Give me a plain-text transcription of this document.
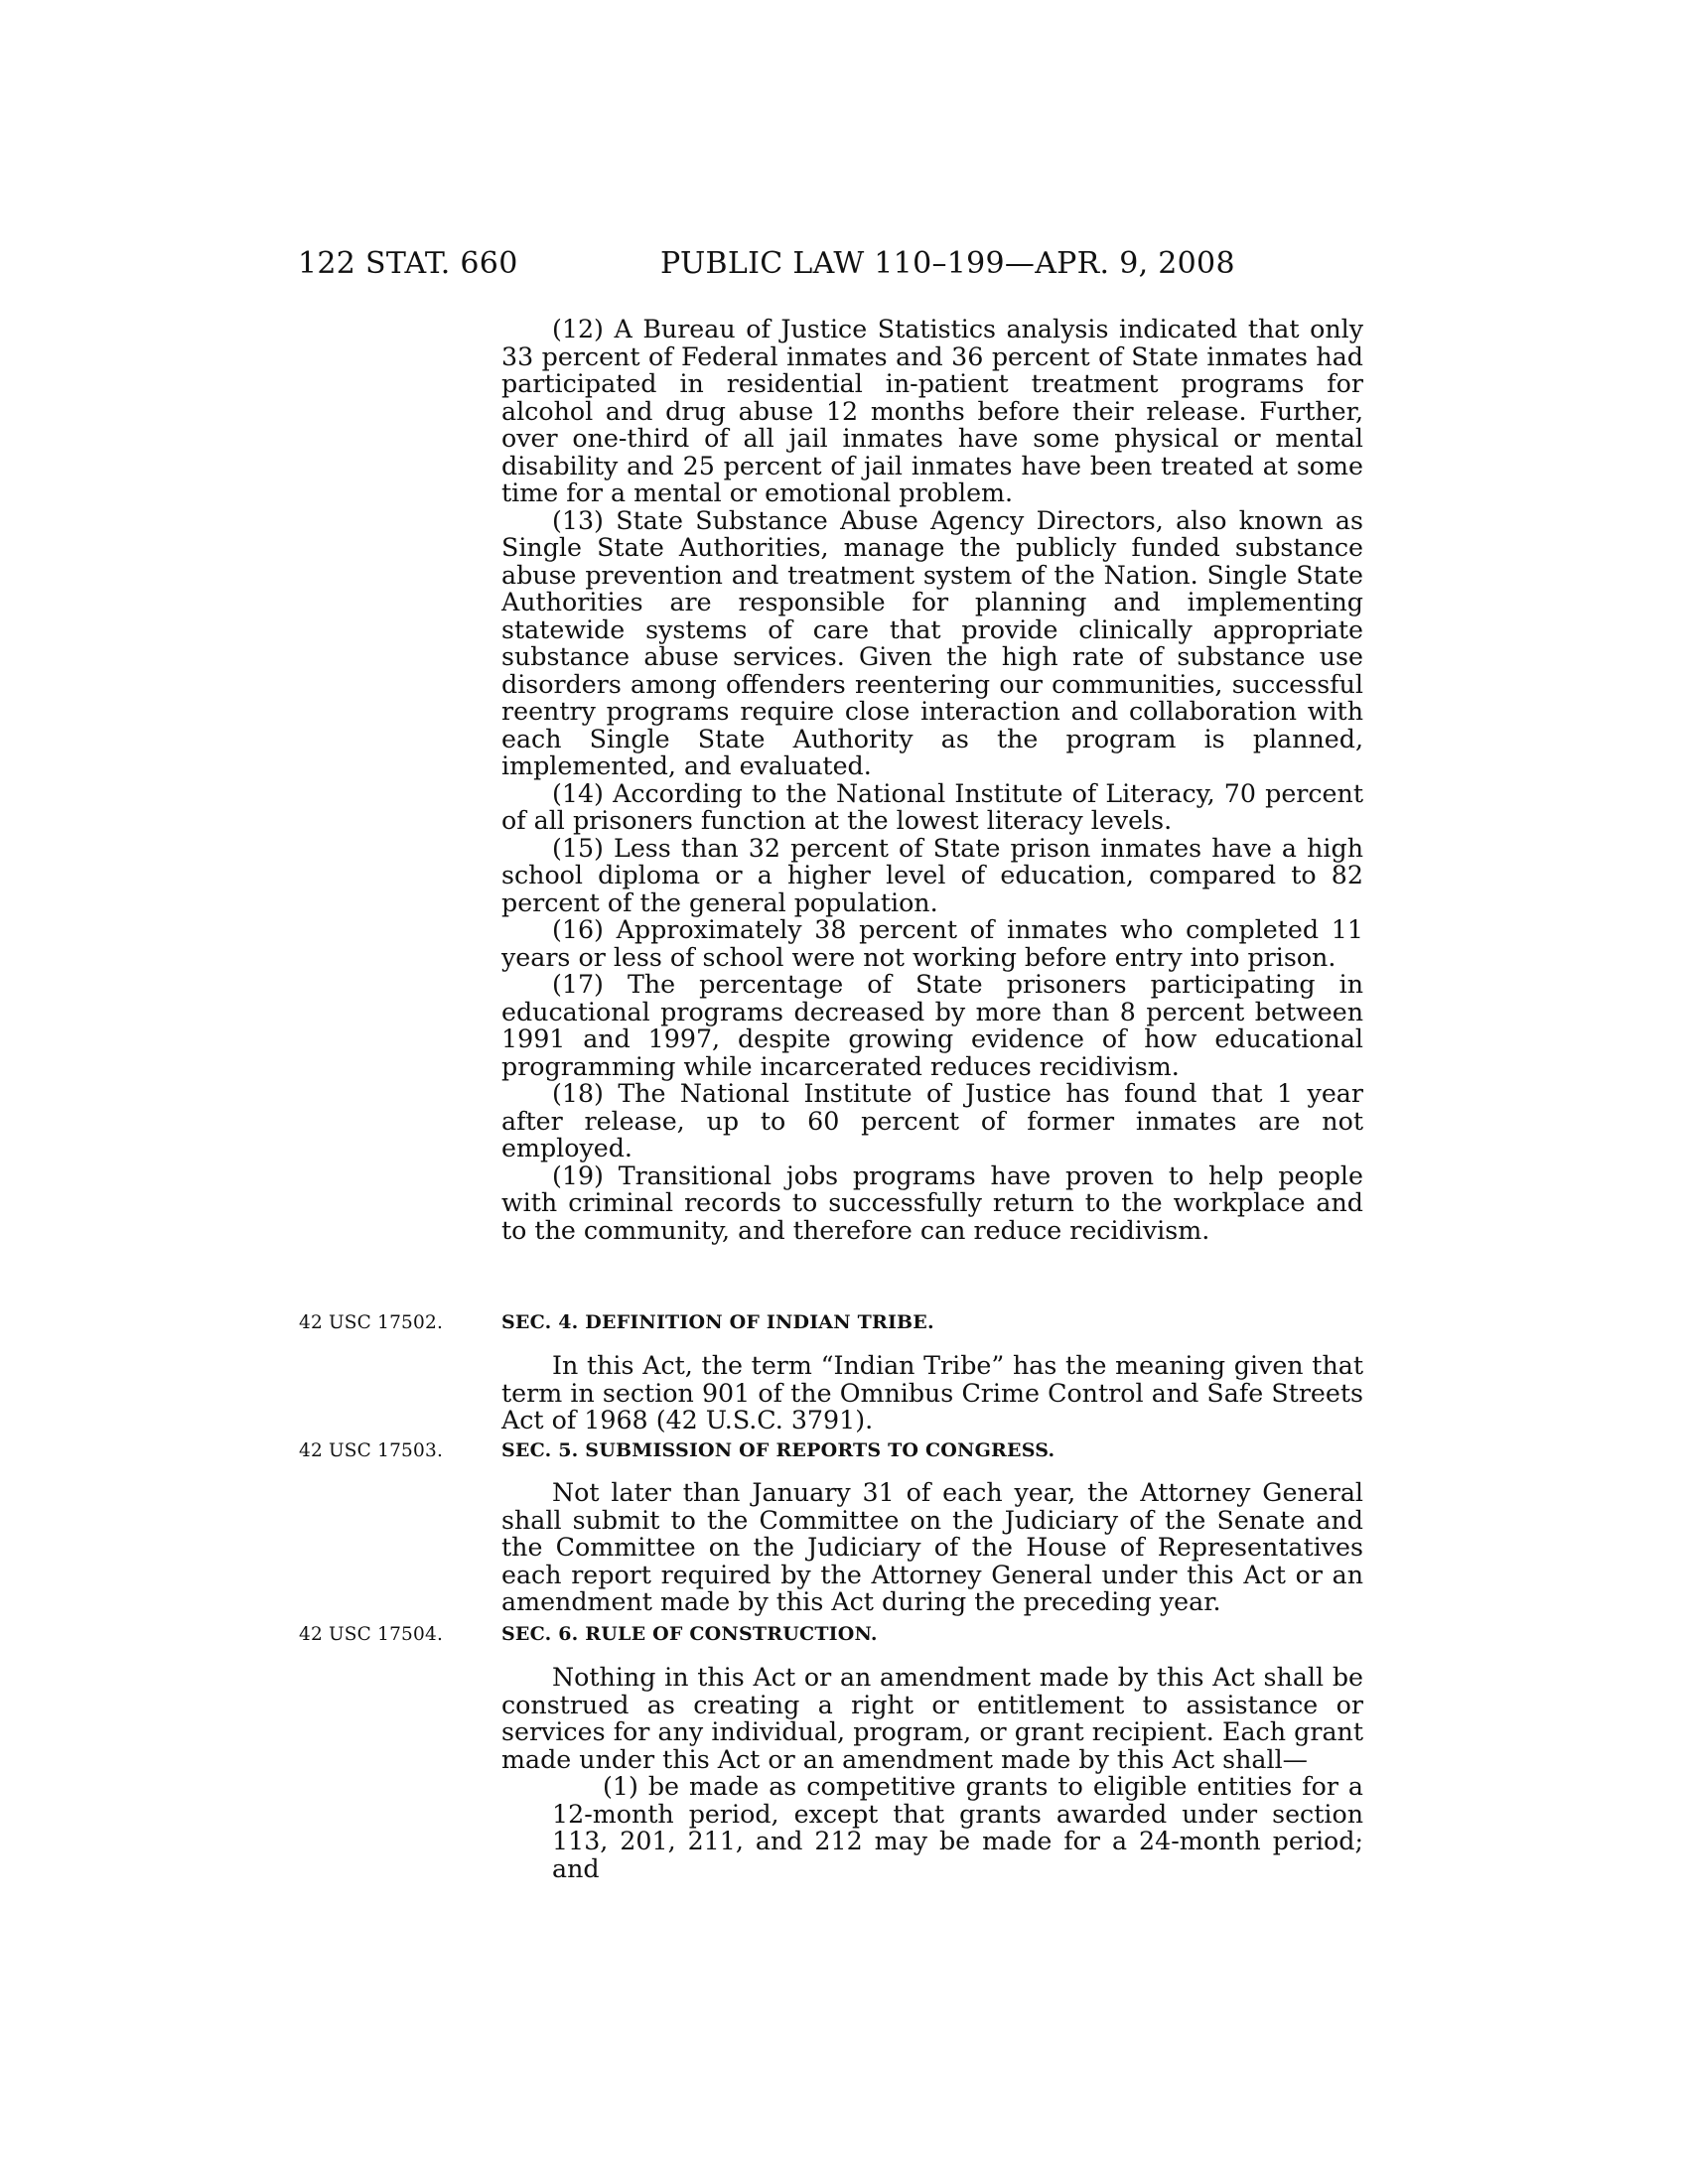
122 STAT. 660	PUBLIC LAW 110–199—APR. 9, 2008

(12) A Bureau of Justice Statistics analysis indicated that only 33 percent of Federal inmates and 36 percent of State inmates had participated in residential in-patient treatment programs for alcohol and drug abuse 12 months before their release. Further, over one-third of all jail inmates have some physical or mental disability and 25 percent of jail inmates have been treated at some time for a mental or emotional problem.

(13) State Substance Abuse Agency Directors, also known as Single State Authorities, manage the publicly funded substance abuse prevention and treatment system of the Nation. Single State Authorities are responsible for planning and implementing statewide systems of care that provide clinically appropriate substance abuse services. Given the high rate of substance use disorders among offenders reentering our communities, successful reentry programs require close interaction and collaboration with each Single State Authority as the program is planned, implemented, and evaluated.

(14) According to the National Institute of Literacy, 70 percent of all prisoners function at the lowest literacy levels.

(15) Less than 32 percent of State prison inmates have a high school diploma or a higher level of education, compared to 82 percent of the general population.

(16) Approximately 38 percent of inmates who completed 11 years or less of school were not working before entry into prison.

(17) The percentage of State prisoners participating in educational programs decreased by more than 8 percent between 1991 and 1997, despite growing evidence of how educational programming while incarcerated reduces recidivism.

(18) The National Institute of Justice has found that 1 year after release, up to 60 percent of former inmates are not employed.

(19) Transitional jobs programs have proven to help people with criminal records to successfully return to the workplace and to the community, and therefore can reduce recidivism.

42 USC 17502.	SEC. 4. DEFINITION OF INDIAN TRIBE.

In this Act, the term “Indian Tribe” has the meaning given that term in section 901 of the Omnibus Crime Control and Safe Streets Act of 1968 (42 U.S.C. 3791).

42 USC 17503.	SEC. 5. SUBMISSION OF REPORTS TO CONGRESS.

Not later than January 31 of each year, the Attorney General shall submit to the Committee on the Judiciary of the Senate and the Committee on the Judiciary of the House of Representatives each report required by the Attorney General under this Act or an amendment made by this Act during the preceding year.

42 USC 17504.	SEC. 6. RULE OF CONSTRUCTION.

Nothing in this Act or an amendment made by this Act shall be construed as creating a right or entitlement to assistance or services for any individual, program, or grant recipient. Each grant made under this Act or an amendment made by this Act shall—

(1) be made as competitive grants to eligible entities for a 12-month period, except that grants awarded under section 113, 201, 211, and 212 may be made for a 24-month period; and
